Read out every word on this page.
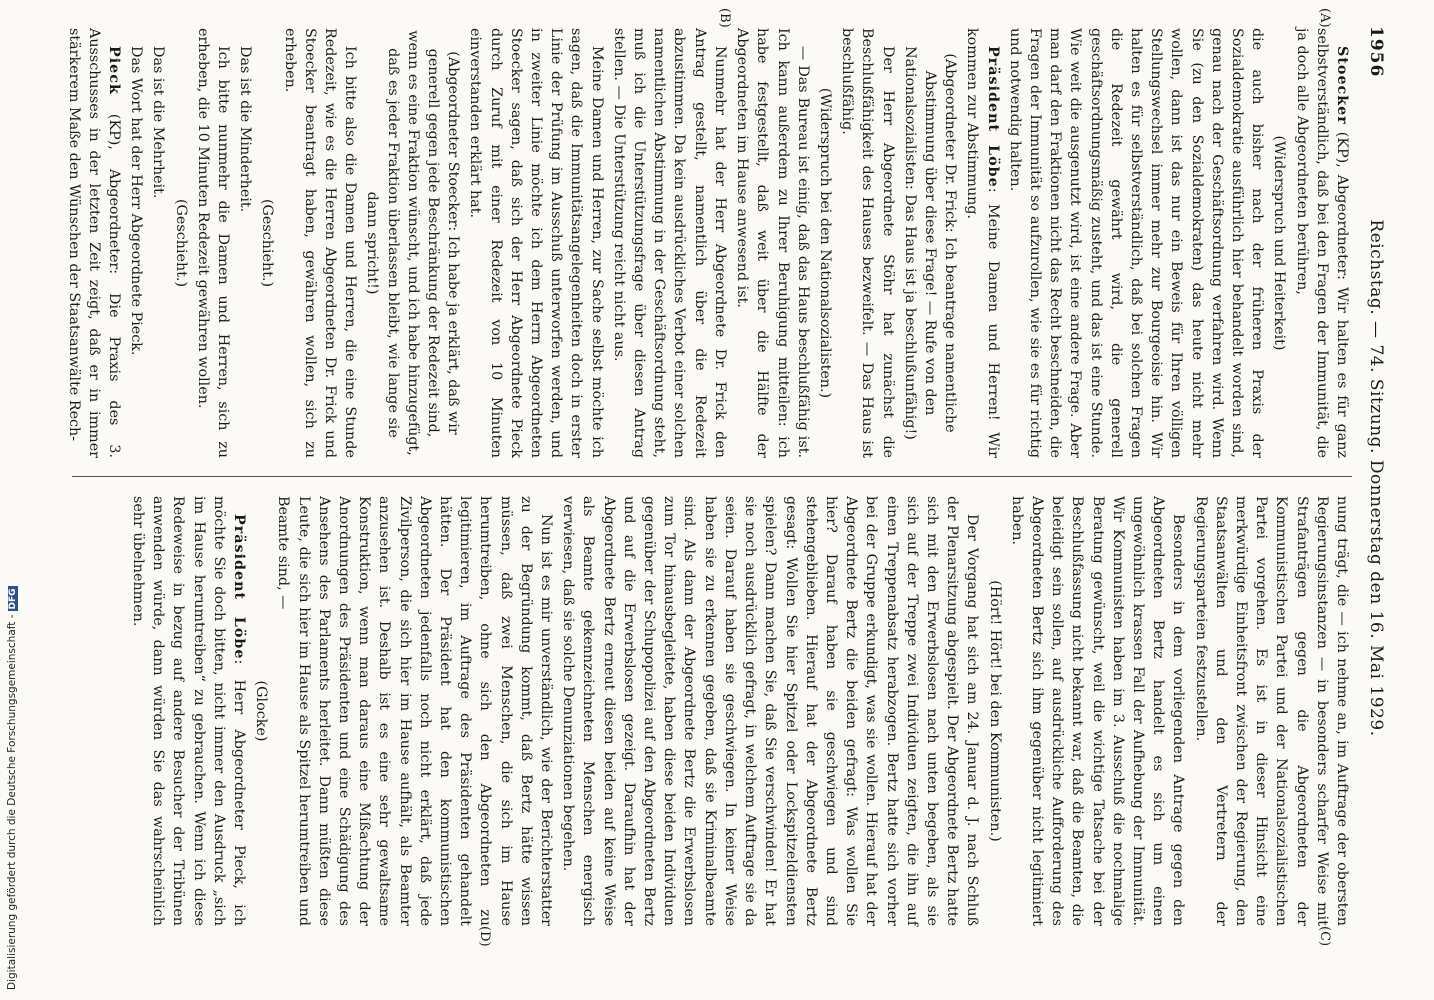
1956
Reichstag. — 74. Sitzung. Donnerstag den 16. Mai 1929.
(A)
(B)
(C)
(D)

Stoecker (KP), Abgeordneter: Wir halten es für ganz selbstverständlich, daß bei den Fragen der Immunität, die ja doch alle Abgeordneten berühren,

(Widerspruch und Heiterkeit)

die auch bisher nach der früheren Praxis der Sozialdemokratie ausführlich hier behandelt worden sind, genau nach der Geschäftsordnung verfahren wird. Wenn Sie (zu den Sozialdemokraten) das heute nicht mehr wollen, dann ist das nur ein Beweis für Ihren völligen Stellungswechsel immer mehr zur Bourgeoisie hin. Wir halten es für selbstverständlich, daß bei solchen Fragen die Redezeit gewährt wird, die generell geschäftsordnungsmäßig zusteht, und das ist eine Stunde. Wie weit die ausgenutzt wird, ist eine andere Frage. Aber man darf den Fraktionen nicht das Recht beschneiden, die Fragen der Immunität so aufzurollen, wie sie es für richtig und notwendig halten.

Präsident Löbe: Meine Damen und Herren! Wir kommen zur Abstimmung.

(Abgeordneter Dr. Frick: Ich beantrage namentliche Abstimmung über diese Frage! — Rufe von den Nationalsozialisten: Das Haus ist ja beschlußunfähig!)

Der Herr Abgeordnete Stöhr hat zunächst die Beschlußfähigkeit des Hauses bezweifelt. — Das Haus ist beschlußfähig.

(Widerspruch bei den Nationalsozialisten.)

— Das Bureau ist einig, daß das Haus beschlußfähig ist. Ich kann außerdem zu Ihrer Beruhigung mitteilen: ich habe festgestellt, daß weit über die Hälfte der Abgeordneten im Hause anwesend ist.

Nunmehr hat der Herr Abgeordnete Dr. Frick den Antrag gestellt, namentlich über die Redezeit abzustimmen. Da kein ausdrückliches Verbot einer solchen namentlichen Abstimmung in der Geschäftsordnung steht, muß ich die Unterstützungsfrage über diesen Antrag stellen. — Die Unterstützung reicht nicht aus.

Meine Damen und Herren, zur Sache selbst möchte ich sagen, daß die Immunitätsangelegenheiten doch in erster Linie der Prüfung im Ausschuß unterworfen werden, und in zweiter Linie möchte ich dem Herrn Abgeordneten Stoecker sagen, daß sich der Herr Abgeordnete Pieck durch Zuruf mit einer Redezeit von 10 Minuten einverstanden erklärt hat.

(Abgeordneter Stoecker: Ich habe ja erklärt, daß wir generell gegen jede Beschränkung der Redezeit sind, wenn es eine Fraktion wünscht, und ich habe hinzugefügt, daß es jeder Fraktion überlassen bleibt, wie lange sie dann spricht!)

Ich bitte also die Damen und Herren, die eine Stunde Redezeit, wie es die Herren Abgeordneten Dr. Frick und Stoecker beantragt haben, gewähren wollen, sich zu erheben.

(Geschieht.)

Das ist die Minderheit.

Ich bitte nunmehr die Damen und Herren, sich zu erheben, die 10 Minuten Redezeit gewähren wollen.

(Geschieht.)

Das ist die Mehrheit.

Das Wort hat der Herr Abgeordnete Pieck.

Pieck (KP), Abgeordneter: Die Praxis des 3. Ausschusses in der letzten Zeit zeigt, daß er in immer stärkerem Maße den Wünschen der Staatsanwälte Rech-

nung trägt, die — ich nehme an, im Auftrage der obersten Regierungsinstanzen — in besonders scharfer Weise mit Strafanträgen gegen die Abgeordneten der Kommunistischen Partei und der Nationalsozialistischen Partei vorgehen. Es ist in dieser Hinsicht eine merkwürdige Einheitsfront zwischen der Regierung, den Staatsanwälten und den Vertretern der Regierungsparteien festzustellen.

Besonders in dem vorliegenden Antrage gegen den Abgeordneten Bertz handelt es sich um einen ungewöhnlich krassen Fall der Aufhebung der Immunität. Wir Kommunisten haben im 3. Ausschuß die nochmalige Beratung gewünscht, weil die wichtige Tatsache bei der Beschlußfassung nicht bekannt war, daß die Beamten, die beleidigt sein sollen, auf ausdrückliche Aufforderung des Abgeordneten Bertz sich ihm gegenüber nicht legitimiert haben.

(Hört! Hört! bei den Kommunisten.)

Der Vorgang hat sich am 24. Januar d. J. nach Schluß der Plenarsitzung abgespielt. Der Abgeordnete Bertz hatte sich mit den Erwerbslosen nach unten begeben, als sie sich auf der Treppe zwei Individuen zeigten, die ihn auf einen Treppenabsatz herabzogen. Bertz hatte sich vorher bei der Gruppe erkundigt, was sie wollen. Hierauf hat der Abgeordnete Bertz die beiden gefragt: Was wollen Sie hier? Darauf haben sie geschwiegen und sind stehengeblieben. Hierauf hat der Abgeordnete Bertz gesagt: Wollen Sie hier Spitzel oder Lockspitzeldiensten spielen? Dann machen Sie, daß Sie verschwinden! Er hat sie noch ausdrücklich gefragt, in welchem Auftrage sie da seien. Darauf haben sie geschwiegen. In keiner Weise haben sie zu erkennen gegeben, daß sie Kriminalbeamte sind. Als dann der Abgeordnete Bertz die Erwerbslosen zum Tor hinausbegleitete, haben diese beiden Individuen gegenüber der Schupopolizei auf den Abgeordneten Bertz und auf die Erwerbslosen gezeigt. Daraufhin hat der Abgeordnete Bertz erneut diesen beiden auf keine Weise als Beamte gekennzeichneten Menschen energisch verwiesen, daß sie solche Denunziationen begehen.

Nun ist es mir unverständlich, wie der Berichterstatter zu der Begründung kommt, daß Bertz hätte wissen müssen, daß zwei Menschen, die sich im Hause herumtreiben, ohne sich den Abgeordneten zu legitimieren, im Auftrage des Präsidenten gehandelt hätten. Der Präsident hat den kommunistischen Abgeordneten jedenfalls noch nicht erklärt, daß jede Zivilperson, die sich hier im Hause aufhält, als Beamter anzusehen ist. Deshalb ist es eine sehr gewaltsame Konstruktion, wenn man daraus eine Mißachtung der Anordnungen des Präsidenten und eine Schädigung des Ansehens des Parlaments herleitet. Dann müßten diese Leute, die sich hier im Hause als Spitzel herumtreiben und Beamte sind, —

(Glocke)

Präsident Löbe: Herr Abgeordneter Pieck, ich möchte Sie doch bitten, nicht immer den Ausdruck „sich im Hause herumtreiben“ zu gebrauchen. Wenn ich diese Redeweise in bezug auf andere Besucher der Tribünen anwenden würde, dann würden Sie das wahrscheinlich sehr übelnehmen.

Digitalisierung gefördert durch die Deutsche Forschungsgemeinschaft -DFG
